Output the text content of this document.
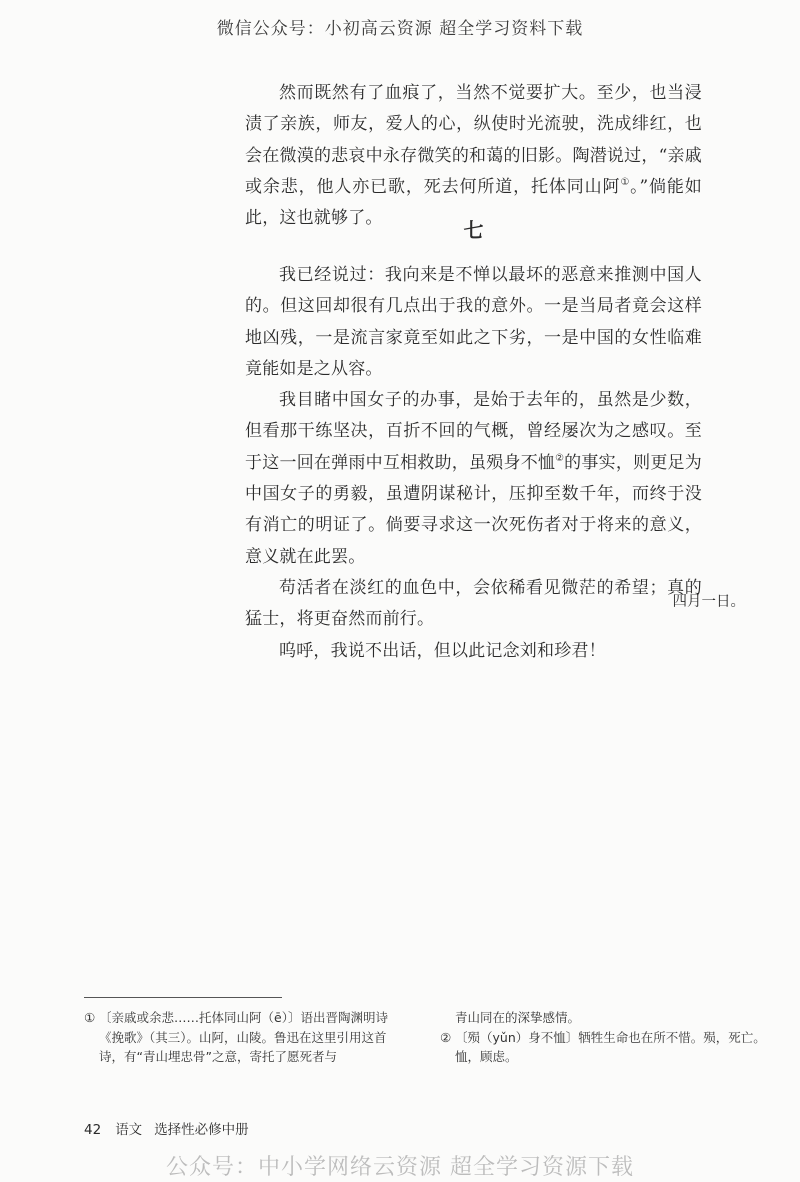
微信公众号：小初高云资源 超全学习资料下载

然而既然有了血痕了，当然不觉要扩大。至少，也当浸渍了亲族，师友，爱人的心，纵使时光流驶，洗成绯红，也会在微漠的悲哀中永存微笑的和蔼的旧影。陶潜说过，“亲戚或余悲，他人亦已歌，死去何所道，托体同山阿①。”倘能如此，这也就够了。	七

我已经说过：我向来是不惮以最坏的恶意来推测中国人的。但这回却很有几点出于我的意外。一是当局者竟会这样地凶残，一是流言家竟至如此之下劣，一是中国的女性临难竟能如是之从容。

我目睹中国女子的办事，是始于去年的，虽然是少数，但看那干练坚决，百折不回的气概，曾经屡次为之感叹。至于这一回在弹雨中互相救助，虽殒身不恤②的事实，则更足为中国女子的勇毅，虽遭阴谋秘计，压抑至数千年，而终于没有消亡的明证了。倘要寻求这一次死伤者对于将来的意义，意义就在此罢。

苟活者在淡红的血色中，会依稀看见微茫的希望；真的猛士，将更奋然而前行。

呜呼，我说不出话，但以此记念刘和珍君！

四月一日。
① 〔亲戚或余悲……托体同山阿（ē）〕语出晋陶渊明诗《挽歌》（其三）。山阿，山陵。鲁迅在这里引用这首诗，有“青山埋忠骨”之意，寄托了愿死者与

青山同在的深挚感情。

② 〔殒（yǔn）身不恤〕牺牲生命也在所不惜。殒，死亡。恤，顾虑。
42 语文 选择性必修中册
公众号：中小学网络云资源 超全学习资源下载
